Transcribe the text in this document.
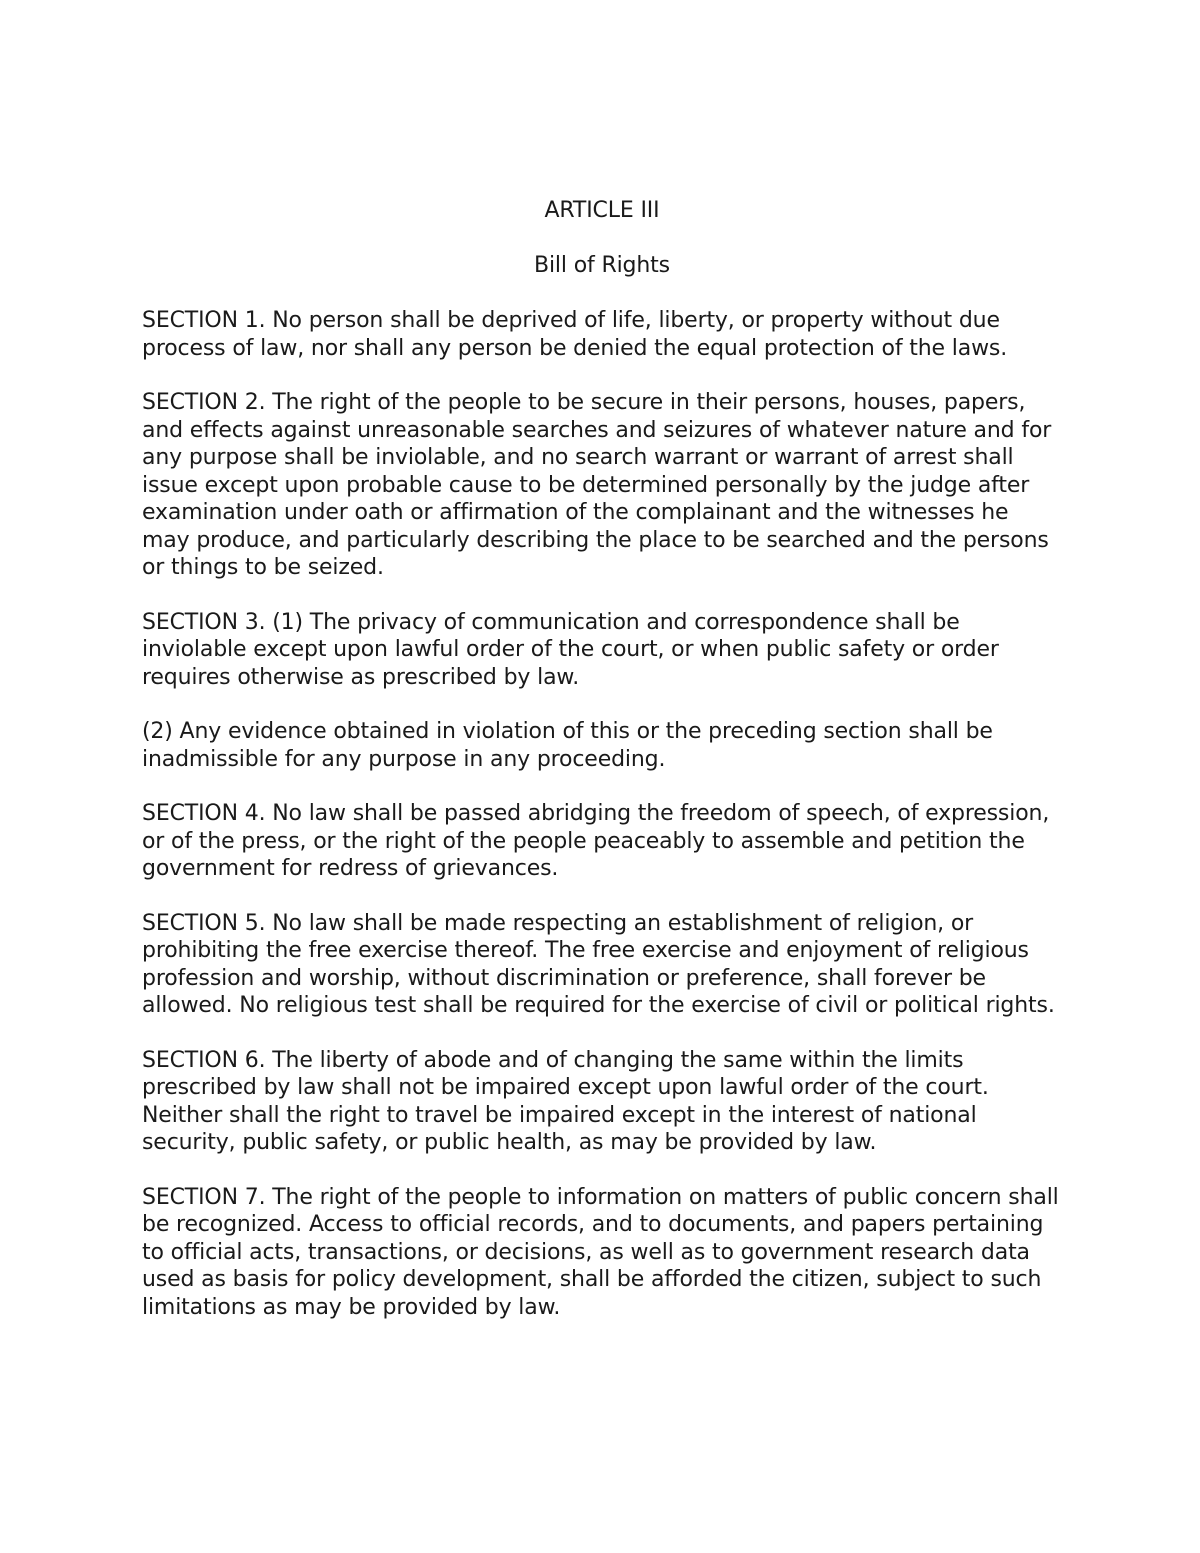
ARTICLE III
Bill of Rights

SECTION 1. No person shall be deprived of life, liberty, or property without due process of law, nor shall any person be denied the equal protection of the laws.

SECTION 2. The right of the people to be secure in their persons, houses, papers, and effects against unreasonable searches and seizures of whatever nature and for any purpose shall be inviolable, and no search warrant or warrant of arrest shall issue except upon probable cause to be determined personally by the judge after examination under oath or affirmation of the complainant and the witnesses he may produce, and particularly describing the place to be searched and the persons or things to be seized.

SECTION 3. (1) The privacy of communication and correspondence shall be inviolable except upon lawful order of the court, or when public safety or order requires otherwise as prescribed by law.

(2) Any evidence obtained in violation of this or the preceding section shall be inadmissible for any purpose in any proceeding.

SECTION 4. No law shall be passed abridging the freedom of speech, of expression, or of the press, or the right of the people peaceably to assemble and petition the government for redress of grievances.

SECTION 5. No law shall be made respecting an establishment of religion, or prohibiting the free exercise thereof. The free exercise and enjoyment of religious profession and worship, without discrimination or preference, shall forever be allowed. No religious test shall be required for the exercise of civil or political rights.

SECTION 6. The liberty of abode and of changing the same within the limits prescribed by law shall not be impaired except upon lawful order of the court. Neither shall the right to travel be impaired except in the interest of national security, public safety, or public health, as may be provided by law.

SECTION 7. The right of the people to information on matters of public concern shall be recognized. Access to official records, and to documents, and papers pertaining to official acts, transactions, or decisions, as well as to government research data used as basis for policy development, shall be afforded the citizen, subject to such limitations as may be provided by law.
